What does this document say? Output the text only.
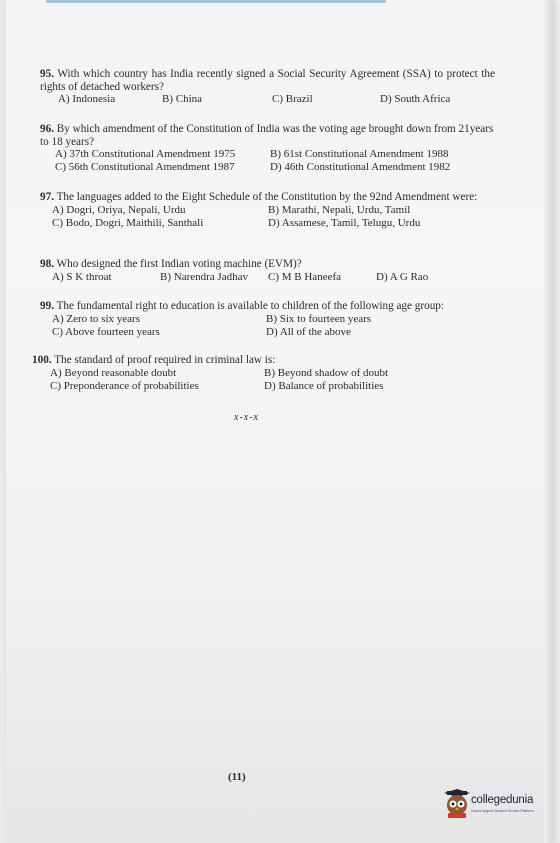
95. With which country has India recently signed a Social Security Agreement (SSA) to protect the rights of detached workers?

A) Indonesia	B) China	C) Brazil	D) South Africa

96. By which amendment of the Constitution of India was the voting age brought down from 21years to 18 years?

A) 37th Constitutional Amendment 1975	B) 61st Constitutional Amendment 1988
C) 56th Constitutional Amendment 1987	D) 46th Constitutional Amendment 1982

97. The languages added to the Eight Schedule of the Constitution by the 92nd Amendment were:

A) Dogri, Oriya, Nepali, Urdu	B) Marathi, Nepali, Urdu, Tamil
C) Bodo, Dogri, Maithili, Santhali	D) Assamese, Tamil, Telugu, Urdu

98. Who designed the first Indian voting machine (EVM)?

A) S K throat	B) Narendra Jadhav C) M B Haneefa	D) A G Rao

99. The fundamental right to education is available to children of the following age group:

A) Zero to six years	B) Six to fourteen years
C) Above fourteen years	D) All of the above

100. The standard of proof required in criminal law is:

A) Beyond reasonable doubt	B) Beyond shadow of doubt
C) Preponderance of probabilities	D) Balance of probabilities
x-x-x
(11)
collegedunia
India's largest Student Review Platform
